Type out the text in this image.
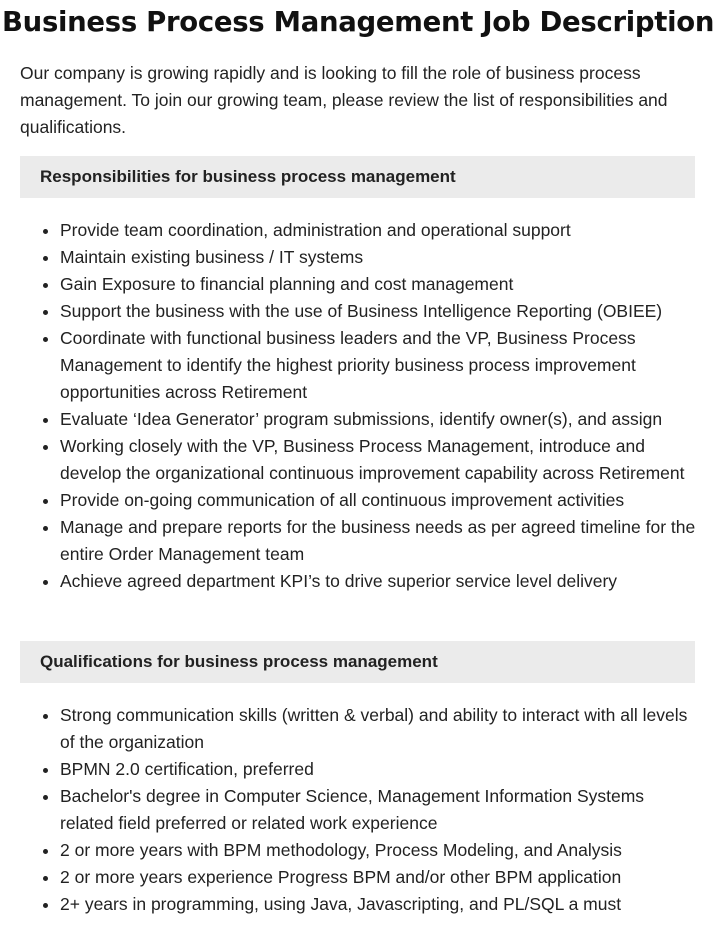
Business Process Management Job Description

Our company is growing rapidly and is looking to fill the role of business process management. To join our growing team, please review the list of responsibilities and qualifications.

Responsibilities for business process management
• Provide team coordination, administration and operational support
• Maintain existing business / IT systems
• Gain Exposure to financial planning and cost management
• Support the business with the use of Business Intelligence Reporting (OBIEE)
• Coordinate with functional business leaders and the VP, Business Process Management to identify the highest priority business process improvement opportunities across Retirement
• Evaluate ‘Idea Generator’ program submissions, identify owner(s), and assign
• Working closely with the VP, Business Process Management, introduce and develop the organizational continuous improvement capability across Retirement
• Provide on-going communication of all continuous improvement activities
• Manage and prepare reports for the business needs as per agreed timeline for the entire Order Management team
• Achieve agreed department KPI’s to drive superior service level delivery
Qualifications for business process management
• Strong communication skills (written & verbal) and ability to interact with all levels of the organization
• BPMN 2.0 certification, preferred
• Bachelor's degree in Computer Science, Management Information Systems related field preferred or related work experience
• 2 or more years with BPM methodology, Process Modeling, and Analysis
• 2 or more years experience Progress BPM and/or other BPM application
• 2+ years in programming, using Java, Javascripting, and PL/SQL a must
